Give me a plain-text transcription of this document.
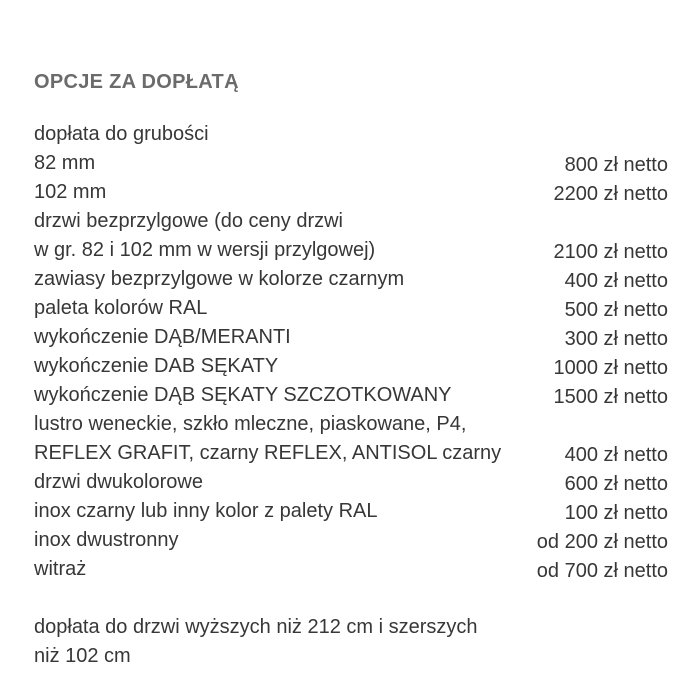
OPCJE ZA DOPŁATĄ
dopłata do grubości
82 mm	800 zł netto
102 mm	2200 zł netto
drzwi bezprzylgowe (do ceny drzwi
w gr. 82 i 102 mm w wersji przylgowej)	2100 zł netto
zawiasy bezprzylgowe w kolorze czarnym	400 zł netto
paleta kolorów RAL	500 zł netto
wykończenie DĄB/MERANTI	300 zł netto
wykończenie DAB SĘKATY	1000 zł netto
wykończenie DĄB SĘKATY SZCZOTKOWANY	1500 zł netto
lustro weneckie, szkło mleczne, piaskowane, P4,
REFLEX GRAFIT, czarny REFLEX, ANTISOL czarny	400 zł netto
drzwi dwukolorowe	600 zł netto
inox czarny lub inny kolor z palety RAL	100 zł netto
inox dwustronny	od 200 zł netto
witraż	od 700 zł netto
dopłata do drzwi wyższych niż 212 cm i szerszych
niż 102 cm
